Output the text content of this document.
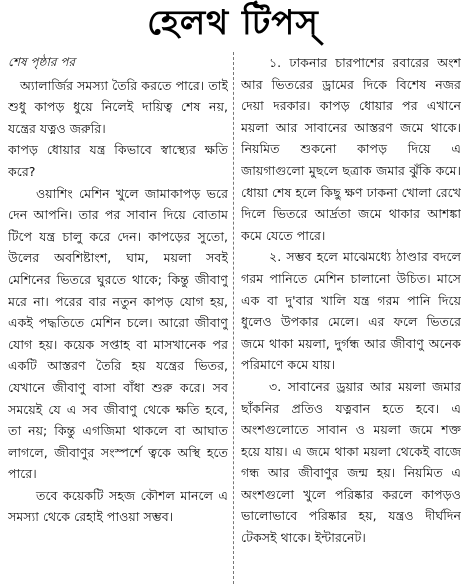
হেলথ টিপস্
শেষ পৃষ্ঠার পর

অ্যালার্জির সমস্যা তৈরি করতে পারে। তাই শুধু কাপড় ধুয়ে নিলেই দায়িত্ব শেষ নয়, যন্ত্রের যত্নও জরুরি।

কাপড় ধোয়ার যন্ত্র কিভাবে স্বাস্থ্যের ক্ষতি করে?

ওয়াশিং মেশিন খুলে জামাকাপড় ভরে দেন আপনি। তার পর সাবান দিয়ে বোতাম টিপে যন্ত্র চালু করে দেন। কাপড়ের সুতো, উলের অবশিষ্টাংশ, ঘাম, ময়লা সবই মেশিনের ভিতরে ঘুরতে থাকে; কিন্তু জীবাণু মরে না। পরের বার নতুন কাপড় যোগ হয়, একই পদ্ধতিতে মেশিন চলে। আরো জীবাণু যোগ হয়। কয়েক সপ্তাহ বা মাসখানেক পর একটি আস্তরণ তৈরি হয় যন্ত্রের ভিতর, যেখানে জীবাণু বাসা বাঁধা শুরু করে। সব সময়েই যে এ সব জীবাণু থেকে ক্ষতি হবে, তা নয়; কিন্তু এগজিমা থাকলে বা আঘাত লাগলে, জীবাণুর সংস্পর্শে ত্বকে অস্থি হতে পারে।

তবে কয়েকটি সহজ কৌশল মানলে এ সমস্যা থেকে রেহাই পাওয়া সম্ভব।

১. ঢাকনার চারপাশের রবারের অংশ আর ভিতরের ড্রামের দিকে বিশেষ নজর দেয়া দরকার। কাপড় ধোয়ার পর এখানে ময়লা আর সাবানের আস্তরণ জমে থাকে। নিয়মিত শুকনো কাপড় দিয়ে এ জায়গাগুলো মুছলে ছত্রাক জমার ঝুঁকি কমে। ধোয়া শেষ হলে কিছু ক্ষণ ঢাকনা খোলা রেখে দিলে ভিতরে আর্দ্রতা জমে থাকার আশঙ্কা কমে যেতে পারে।

২. সম্ভব হলে মাঝেমধ্যে ঠাণ্ডার বদলে গরম পানিতে মেশিন চালানো উচিত। মাসে এক বা দু'বার খালি যন্ত্র গরম পানি দিয়ে ধুলেও উপকার মেলে। এর ফলে ভিতরে জমে থাকা ময়লা, দুর্গন্ধ আর জীবাণু অনেক পরিমাণে কমে যায়।

৩. সাবানের ড্রয়ার আর ময়লা জমার ছাঁকনির প্রতিও যত্নবান হতে হবে। এ অংশগুলোতে সাবান ও ময়লা জমে শক্ত হয়ে যায়। এ জমে থাকা ময়লা থেকেই বাজে গন্ধ আর জীবাণুর জন্ম হয়। নিয়মিত এ অংশগুলো খুলে পরিষ্কার করলে কাপড়ও ভালোভাবে পরিষ্কার হয়, যন্ত্রও দীর্ঘদিন টেকসই থাকে। ইন্টারনেট।
